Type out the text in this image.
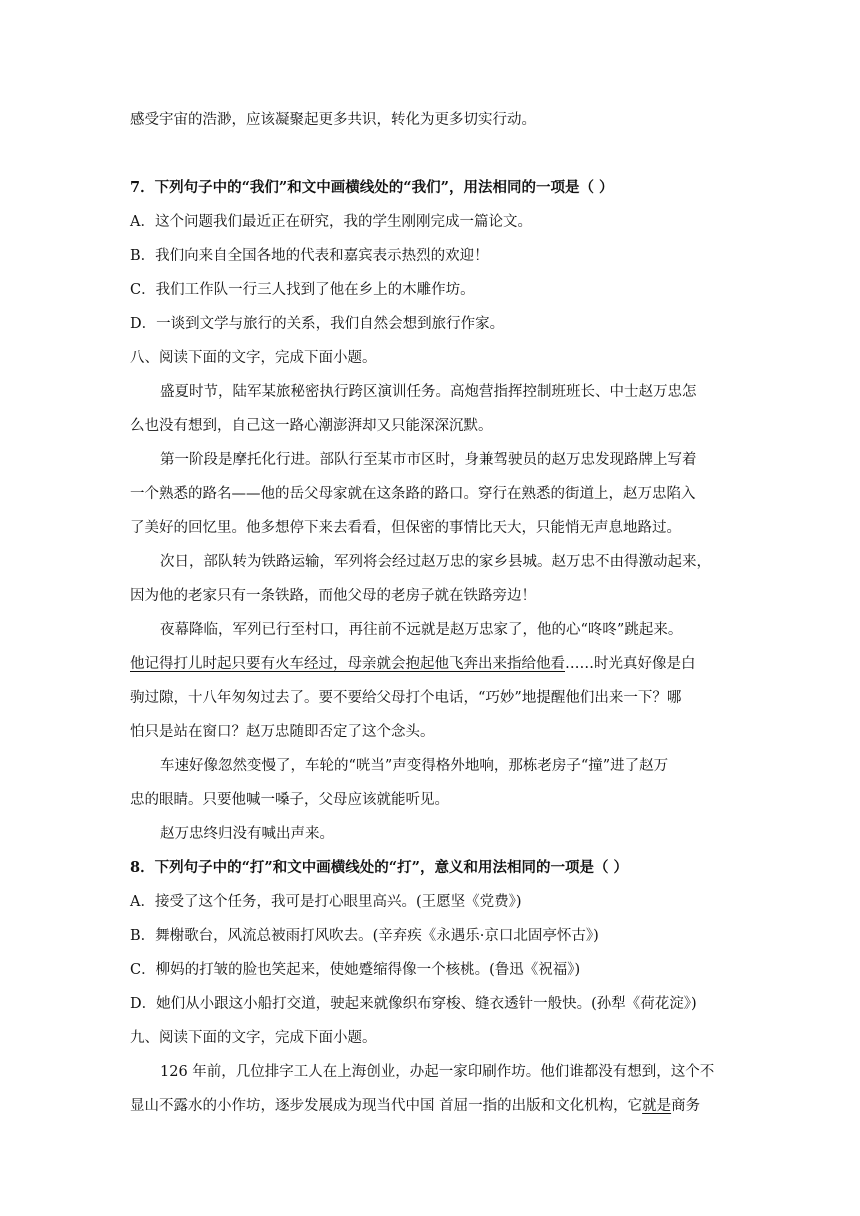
感受宇宙的浩渺，应该凝聚起更多共识，转化为更多切实行动。
7．下列句子中的“我们”和文中画横线处的“我们”，用法相同的一项是（ ）
A．这个问题我们最近正在研究，我的学生刚刚完成一篇论文。
B．我们向来自全国各地的代表和嘉宾表示热烈的欢迎！
C．我们工作队一行三人找到了他在乡上的木雕作坊。
D．一谈到文学与旅行的关系，我们自然会想到旅行作家。
八、阅读下面的文字，完成下面小题。
盛夏时节，陆军某旅秘密执行跨区演训任务。高炮营指挥控制班班长、中士赵万忠怎
么也没有想到，自己这一路心潮澎湃却又只能深深沉默。
第一阶段是摩托化行进。部队行至某市市区时，身兼驾驶员的赵万忠发现路牌上写着
一个熟悉的路名——他的岳父母家就在这条路的路口。穿行在熟悉的街道上，赵万忠陷入
了美好的回忆里。他多想停下来去看看，但保密的事情比天大，只能悄无声息地路过。
次日，部队转为铁路运输，军列将会经过赵万忠的家乡县城。赵万忠不由得激动起来，
因为他的老家只有一条铁路，而他父母的老房子就在铁路旁边！
夜幕降临，军列已行至村口，再往前不远就是赵万忠家了，他的心“咚咚”跳起来。
他记得打儿时起只要有火车经过，母亲就会抱起他飞奔出来指给他看……时光真好像是白
驹过隙，十八年匆匆过去了。要不要给父母打个电话，“巧妙”地提醒他们出来一下？哪
怕只是站在窗口？赵万忠随即否定了这个念头。
车速好像忽然变慢了，车轮的“咣当”声变得格外地响，那栋老房子“撞”进了赵万
忠的眼睛。只要他喊一嗓子，父母应该就能听见。
赵万忠终归没有喊出声来。
8．下列句子中的“打”和文中画横线处的“打”，意义和用法相同的一项是（ ）
A．接受了这个任务，我可是打心眼里高兴。(王愿坚《党费》)
B．舞榭歌台，风流总被雨打风吹去。(辛弃疾《永遇乐·京口北固亭怀古》)
C．柳妈的打皱的脸也笑起来，使她蹙缩得像一个核桃。(鲁迅《祝福》)
D．她们从小跟这小船打交道，驶起来就像织布穿梭、缝衣透针一般快。(孙犁《荷花淀》)
九、阅读下面的文字，完成下面小题。
126 年前，几位排字工人在上海创业，办起一家印刷作坊。他们谁都没有想到，这个不
显山不露水的小作坊，逐步发展成为现当代中国 首屈一指的出版和文化机构，它就是商务
